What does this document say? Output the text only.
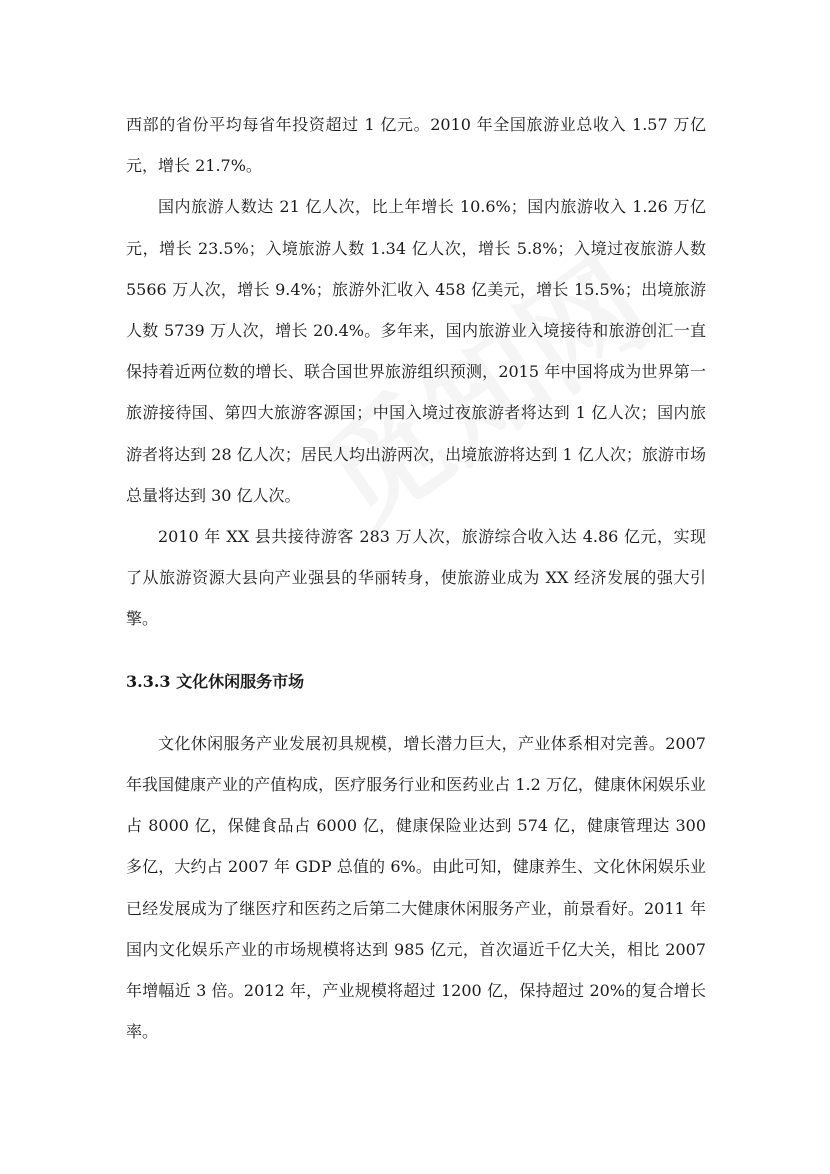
西部的省份平均每省年投资超过 1 亿元。2010 年全国旅游业总收入 1.57 万亿元，增长 21.7%。

国内旅游人数达 21 亿人次，比上年增长 10.6%；国内旅游收入 1.26 万亿元，增长 23.5%；入境旅游人数 1.34 亿人次，增长 5.8%；入境过夜旅游人数 5566 万人次，增长 9.4%；旅游外汇收入 458 亿美元，增长 15.5%；出境旅游人数 5739 万人次，增长 20.4%。多年来，国内旅游业入境接待和旅游创汇一直保持着近两位数的增长、联合国世界旅游组织预测，2015 年中国将成为世界第一旅游接待国、第四大旅游客源国；中国入境过夜旅游者将达到 1 亿人次；国内旅游者将达到 28 亿人次；居民人均出游两次，出境旅游将达到 1 亿人次；旅游市场总量将达到 30 亿人次。

2010 年 XX 县共接待游客 283 万人次，旅游综合收入达 4.86 亿元，实现了从旅游资源大县向产业强县的华丽转身，使旅游业成为 XX 经济发展的强大引擎。

3.3.3 文化休闲服务市场

文化休闲服务产业发展初具规模，增长潜力巨大，产业体系相对完善。2007 年我国健康产业的产值构成，医疗服务行业和医药业占 1.2 万亿，健康休闲娱乐业占 8000 亿，保健食品占 6000 亿，健康保险业达到 574 亿，健康管理达 300 多亿，大约占 2007 年 GDP 总值的 6%。由此可知，健康养生、文化休闲娱乐业已经发展成为了继医疗和医药之后第二大健康休闲服务产业，前景看好。2011 年国内文化娱乐产业的市场规模将达到 985 亿元，首次逼近千亿大关，相比 2007 年增幅近 3 倍。2012 年，产业规模将超过 1200 亿，保持超过 20%的复合增长率。
